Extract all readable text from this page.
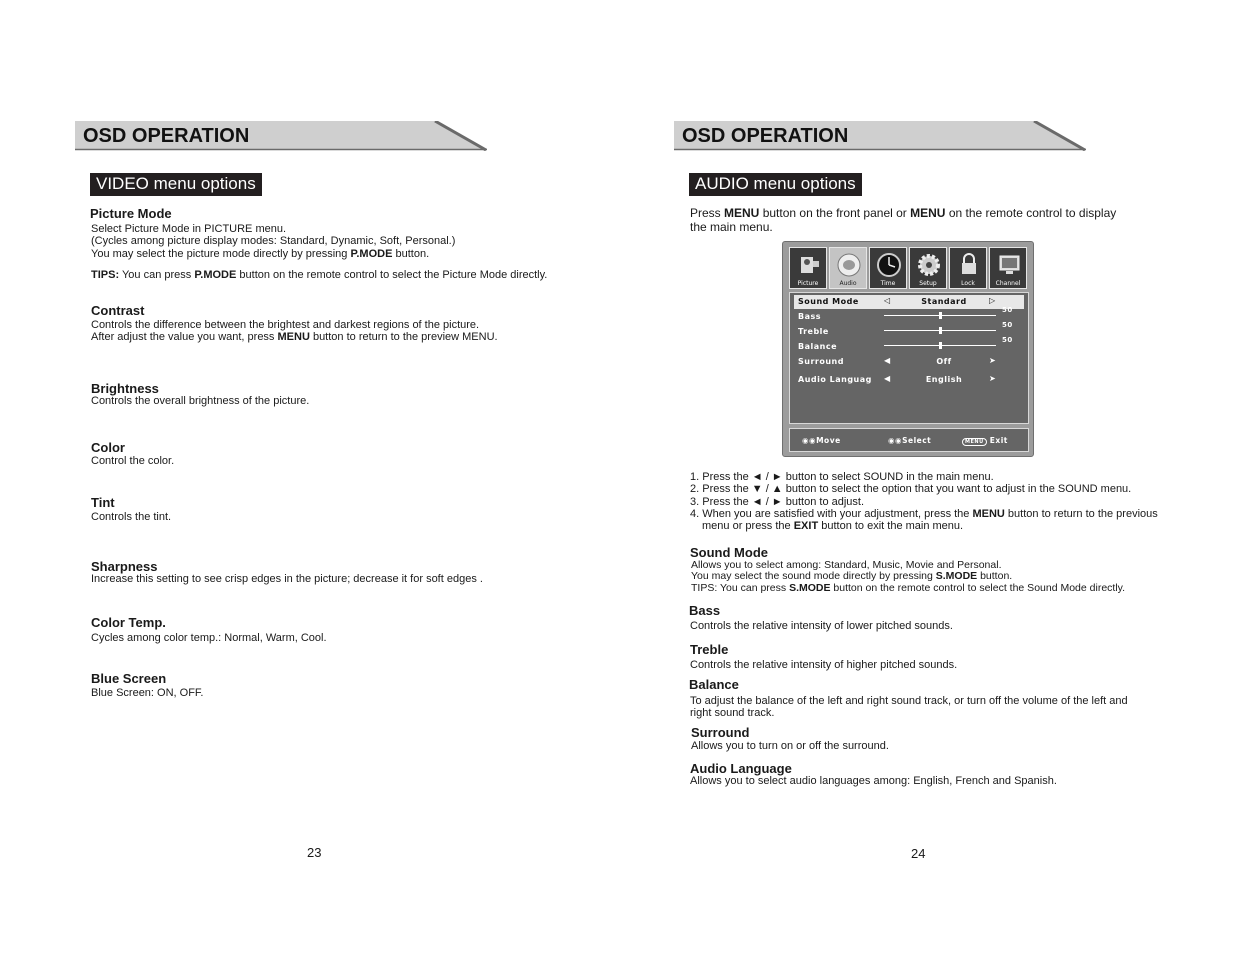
OSD OPERATION
VIDEO menu options
Picture Mode
Select Picture Mode in PICTURE menu.
(Cycles among picture display modes: Standard, Dynamic, Soft, Personal.)
You may select the picture mode directly by pressing P.MODE button.
TIPS: You can press P.MODE button on the remote control to select the Picture Mode directly.
Contrast
Controls the difference between the brightest and darkest regions of the picture.
After adjust the value you want, press MENU button to return to the preview MENU.
Brightness
Controls the overall brightness of the picture.
Color
Control the color.
Tint
Controls the tint.
Sharpness
Increase this setting to see crisp edges in the picture; decrease it for soft edges .
Color Temp.
Cycles among color temp.: Normal, Warm, Cool.
Blue Screen
Blue Screen: ON, OFF.
23
OSD OPERATION
AUDIO menu options
Press MENU button on the front panel or MENU on the remote control to display
the main menu.
Picture	Audio	Time	Setup	Lock	Channel
Sound Mode	◁	Standard	▷
Bass
50
Treble
50
Balance
50
Surround	◀	Off	➤
Audio Languag ◀	English	➤
◉◉Move	◉◉Select	MENU Exit
1. Press the ◄ / ► button to select SOUND in the main menu.
2. Press the ▼ / ▲ button to select the option that you want to adjust in the SOUND menu.
3. Press the ◄ / ► button to adjust.
4. When you are satisfied with your adjustment, press the MENU button to return to the previous
menu or press the EXIT button to exit the main menu.
Sound Mode
Allows you to select among: Standard, Music, Movie and Personal.
You may select the sound mode directly by pressing S.MODE button.
TIPS: You can press S.MODE button on the remote control to select the Sound Mode directly.
Bass
Controls the relative intensity of lower pitched sounds.
Treble
Controls the relative intensity of higher pitched sounds.
Balance
To adjust the balance of the left and right sound track, or turn off the volume of the left and
right sound track.
Surround
Allows you to turn on or off the surround.
Audio Language
Allows you to select audio languages among: English, French and Spanish.
24
